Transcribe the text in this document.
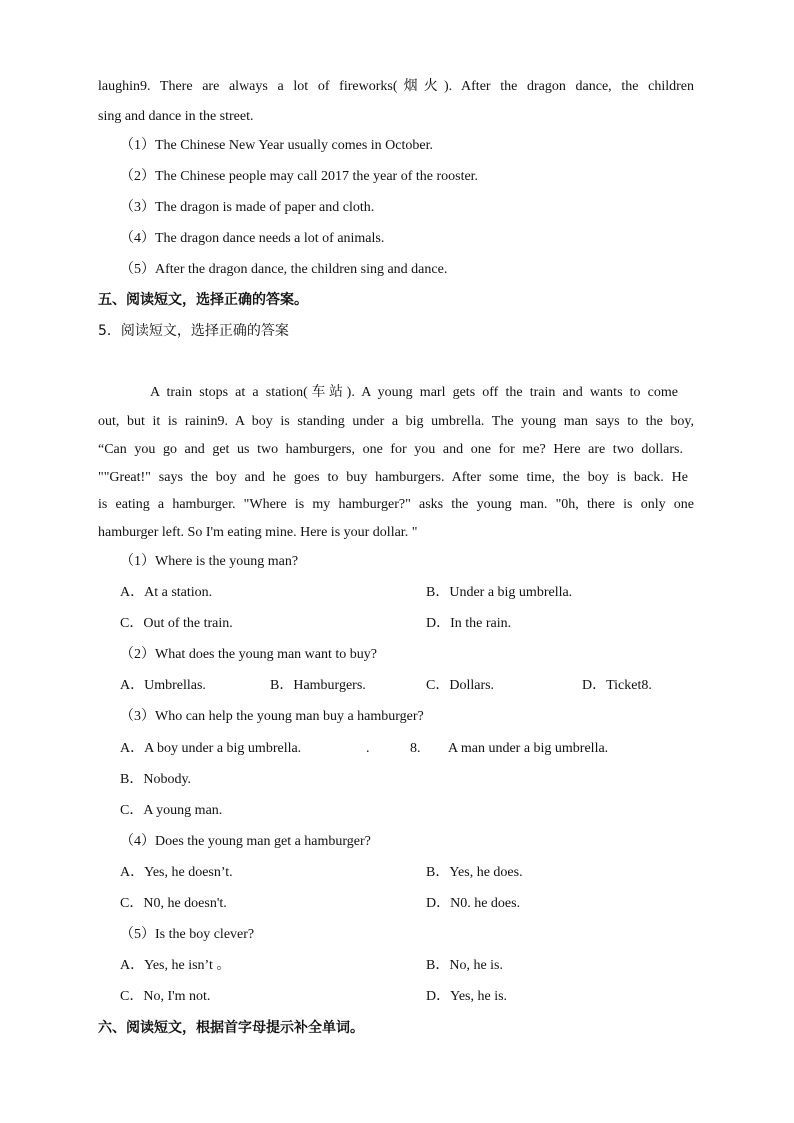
laughin9. There are always a lot of fireworks(烟火). After the dragon dance, the children
sing and dance in the street.
（1）The Chinese New Year usually comes in October.
（2）The Chinese people may call 2017 the year of the rooster.
（3）The dragon is made of paper and cloth.
（4）The dragon dance needs a lot of animals.
（5）After the dragon dance, the children sing and dance.
五、阅读短文，选择正确的答案。
5．阅读短文，选择正确的答案
A train stops at a station(车站). A young marl gets off the train and wants to come
out, but it is rainin9. A boy is standing under a big umbrella. The young man says to the boy,
“Can you go and get us two hamburgers, one for you and one for me? Here are two dollars.
""Great!" says the boy and he goes to buy hamburgers. After some time, the boy is back. He
is eating a hamburger. "Where is my hamburger?" asks the young man. "0h, there is only one
hamburger left. So I'm eating mine. Here is your dollar. "
（1）Where is the young man?
A．At a station.	B．Under a big umbrella.
C．Out of the train.	D．In the rain.
（2）What does the young man want to buy?
A．Umbrellas.	B．Hamburgers.	C．Dollars.	D．Ticket8.
（3）Who can help the young man buy a hamburger?
A．A boy under a big umbrella.	.	8. A man under a big umbrella.
B．Nobody.
C．A young man.
（4）Does the young man get a hamburger?
A．Yes, he doesn’t.	B．Yes, he does.
C．N0, he doesn't.	D．N0. he does.
（5）Is the boy clever?
A．Yes, he isn’t 。	B．No, he is.
C．No, I'm not.	D．Yes, he is.
六、阅读短文，根据首字母提示补全单词。
